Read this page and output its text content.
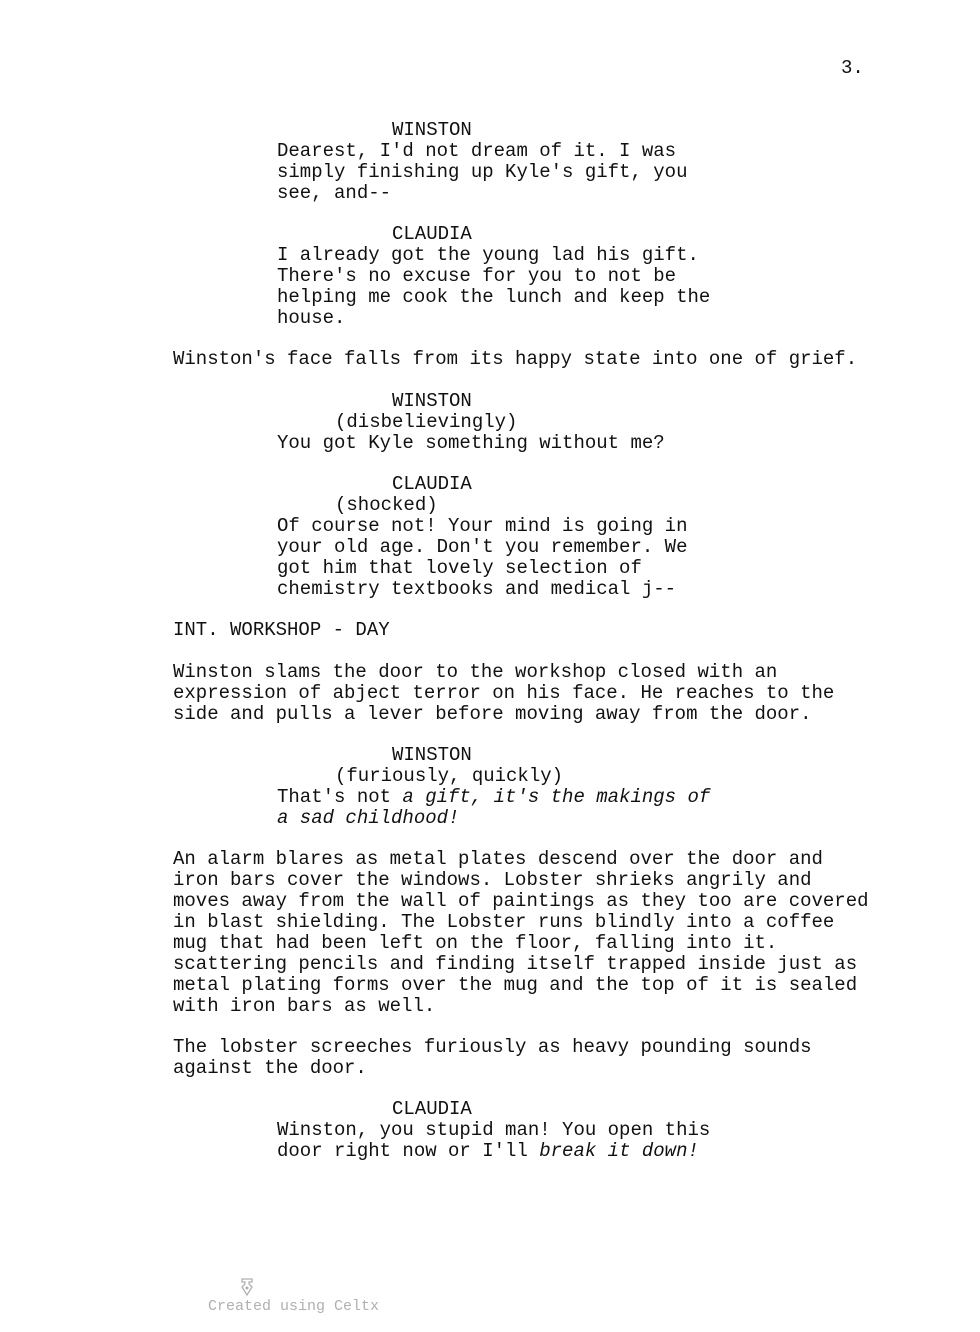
3.
WINSTON
Dearest, I'd not dream of it. I was
simply finishing up Kyle's gift, you
see, and--
CLAUDIA
I already got the young lad his gift.
There's no excuse for you to not be
helping me cook the lunch and keep the
house.
Winston's face falls from its happy state into one of grief.
WINSTON
(disbelievingly)
You got Kyle something without me?
CLAUDIA
(shocked)
Of course not! Your mind is going in
your old age. Don't you remember. We
got him that lovely selection of
chemistry textbooks and medical j--
INT. WORKSHOP - DAY
Winston slams the door to the workshop closed with an
expression of abject terror on his face. He reaches to the
side and pulls a lever before moving away from the door.
WINSTON
(furiously, quickly)
That's not a gift, it's the makings of
a sad childhood!
An alarm blares as metal plates descend over the door and
iron bars cover the windows. Lobster shrieks angrily and
moves away from the wall of paintings as they too are covered
in blast shielding. The Lobster runs blindly into a coffee
mug that had been left on the floor, falling into it.
scattering pencils and finding itself trapped inside just as
metal plating forms over the mug and the top of it is sealed
with iron bars as well.
The lobster screeches furiously as heavy pounding sounds
against the door.
CLAUDIA
Winston, you stupid man! You open this
door right now or I'll break it down!

Created using Celtx
